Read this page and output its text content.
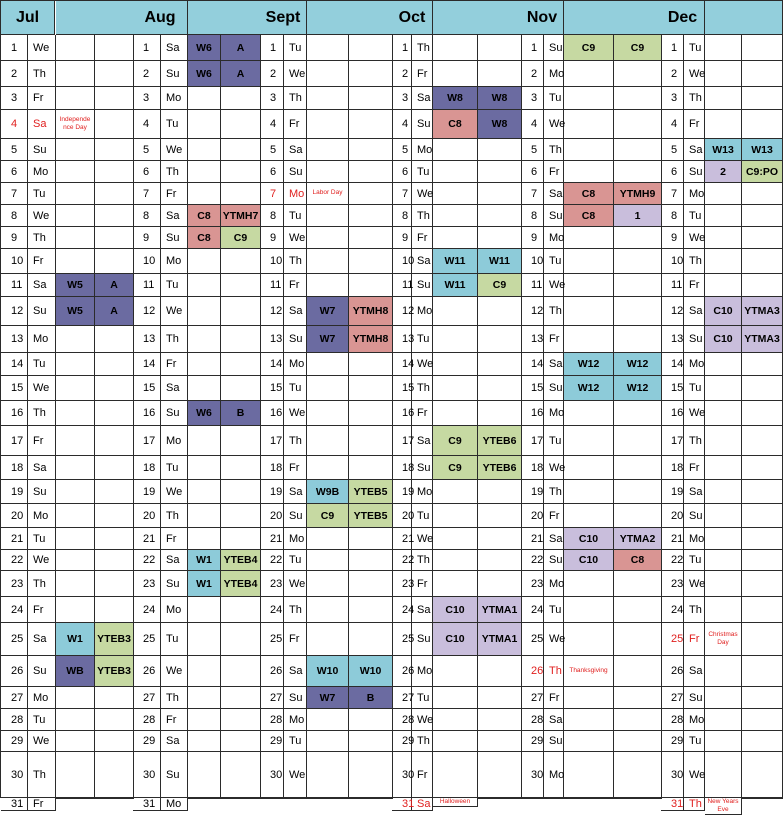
Jul
1	We
2	Th
3	Fr
4	Sa	Independe nce Day
5	Su
6	Mo
7	Tu
8	We
9	Th
10 Fr
11 Sa	W5	A
12 Su	W5	A
13 Mo
14 Tu
15 We
16 Th
17 Fr
18 Sa
19 Su
20 Mo
21 Tu
22 We
23 Th
24 Fr
25 Sa	W1	YTEB3
26 Su	WB	YTEB3
27 Mo
28 Tu
29 We
30 Th
31 Fr
Aug
1	Sa	W6	A
2	Su	W6	A
3	Mo
4	Tu
5	We
6	Th
7	Fr
8	Sa	C8	YTMH7
9	Su	C8	C9
10 Mo
11	Tu
12 We
13 Th
14 Fr
15 Sa
16 Su	W6	B
17 Mo
18 Tu
19 We
20 Th
21 Fr
22 Sa	W1	YTEB4
23 Su	W1	YTEB4
24 Mo
25 Tu
26 We
27 Th
28 Fr
29 Sa
30 Su
31 Mo
Sept
1	Tu
2	We
3	Th
4	Fr
5	Sa
6	Su
7	Mo	Labor Day
8	Tu
9	We
10 Th
11 Fr
12 Sa	W7	YTMH8
13 Su	W7	YTMH8
14 Mo
15 Tu
16 We
17 Th
18 Fr
19 Sa	W9B	YTEB5
20 Su	C9	YTEB5
21 Mo
22 Tu
23 We
24 Th
25 Fr
26 Sa	W10	W10
27 Su	W7	B
28 Mo
29 Tu
30 We
Oct
1 Th
2 Fr
3 Sa	W8	W8
4 Su	C8	W8
5 Mo
6 Tu
7 We
8 Th
9 Fr
10 Sa	W11	W11
11 Su	W11	C9
12 Mo
13 Tu
14 We
15 Th
16 Fr
17 Sa	C9	YTEB6
18 Su	C9	YTEB6
19 Mo
20 Tu
21 We
22 Th
23 Fr
24 Sa	C10	YTMA1
25 Su	C10	YTMA1
26 Mo
27 Tu
28 We
29 Th
30 Fr
31 Sa	Halloween
Nov
1	Su	C9	C9
2	Mo
3	Tu
4	We
5	Th
6	Fr
7	Sa	C8	YTMH9
8	Su	C8	1
9	Mo
10 Tu
11 We
12 Th
13 Fr
14 Sa	W12	W12
15 Su	W12	W12
16 Mo
17 Tu
18 We
19 Th
20 Fr
21 Sa	C10	YTMA2
22 Su	C10	C8
23 Mo
24 Tu
25 We
26 Th	Thanksgiving
27 Fr
28 Sa
29 Su
30 Mo
Dec
1	Tu
2	We
3	Th
4	Fr
5	Sa W13	W13
6	Su	2	C9:PO
7	Mo
8	Tu
9	We
10 Th
11 Fr
12 Sa	C10	YTMA3
13 Su	C10	YTMA3
14 Mo
15 Tu
16 We
17 Th
18 Fr
19 Sa
20 Su
21 Mo
22 Tu
23 We
24 Th
25 Fr	Christmas Day
26 Sa
27 Su
28 Mo
29 Tu
30 We
31 Th New Years Eve
